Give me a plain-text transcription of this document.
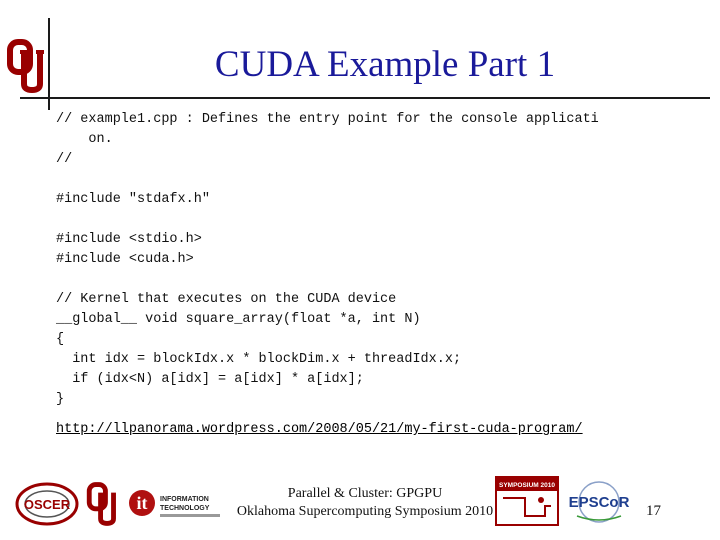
CUDA Example Part 1
// example1.cpp : Defines the entry point for the console applicati
on.
//
#include "stdafx.h"
#include <stdio.h>
#include <cuda.h>
// Kernel that executes on the CUDA device
__global__ void square_array(float *a, int N)
{
int idx = blockIdx.x * blockDim.x + threadIdx.x;
if (idx<N) a[idx] = a[idx] * a[idx];
}
http://llpanorama.wordpress.com/2008/05/21/my-first-cuda-program/
OSCER	it INFORMATION
TECHNOLOGY
Parallel & Cluster: GPGPU
Oklahoma Supercomputing Symposium 2010
SYMPOSIUM 2010
EPSCoR 17
